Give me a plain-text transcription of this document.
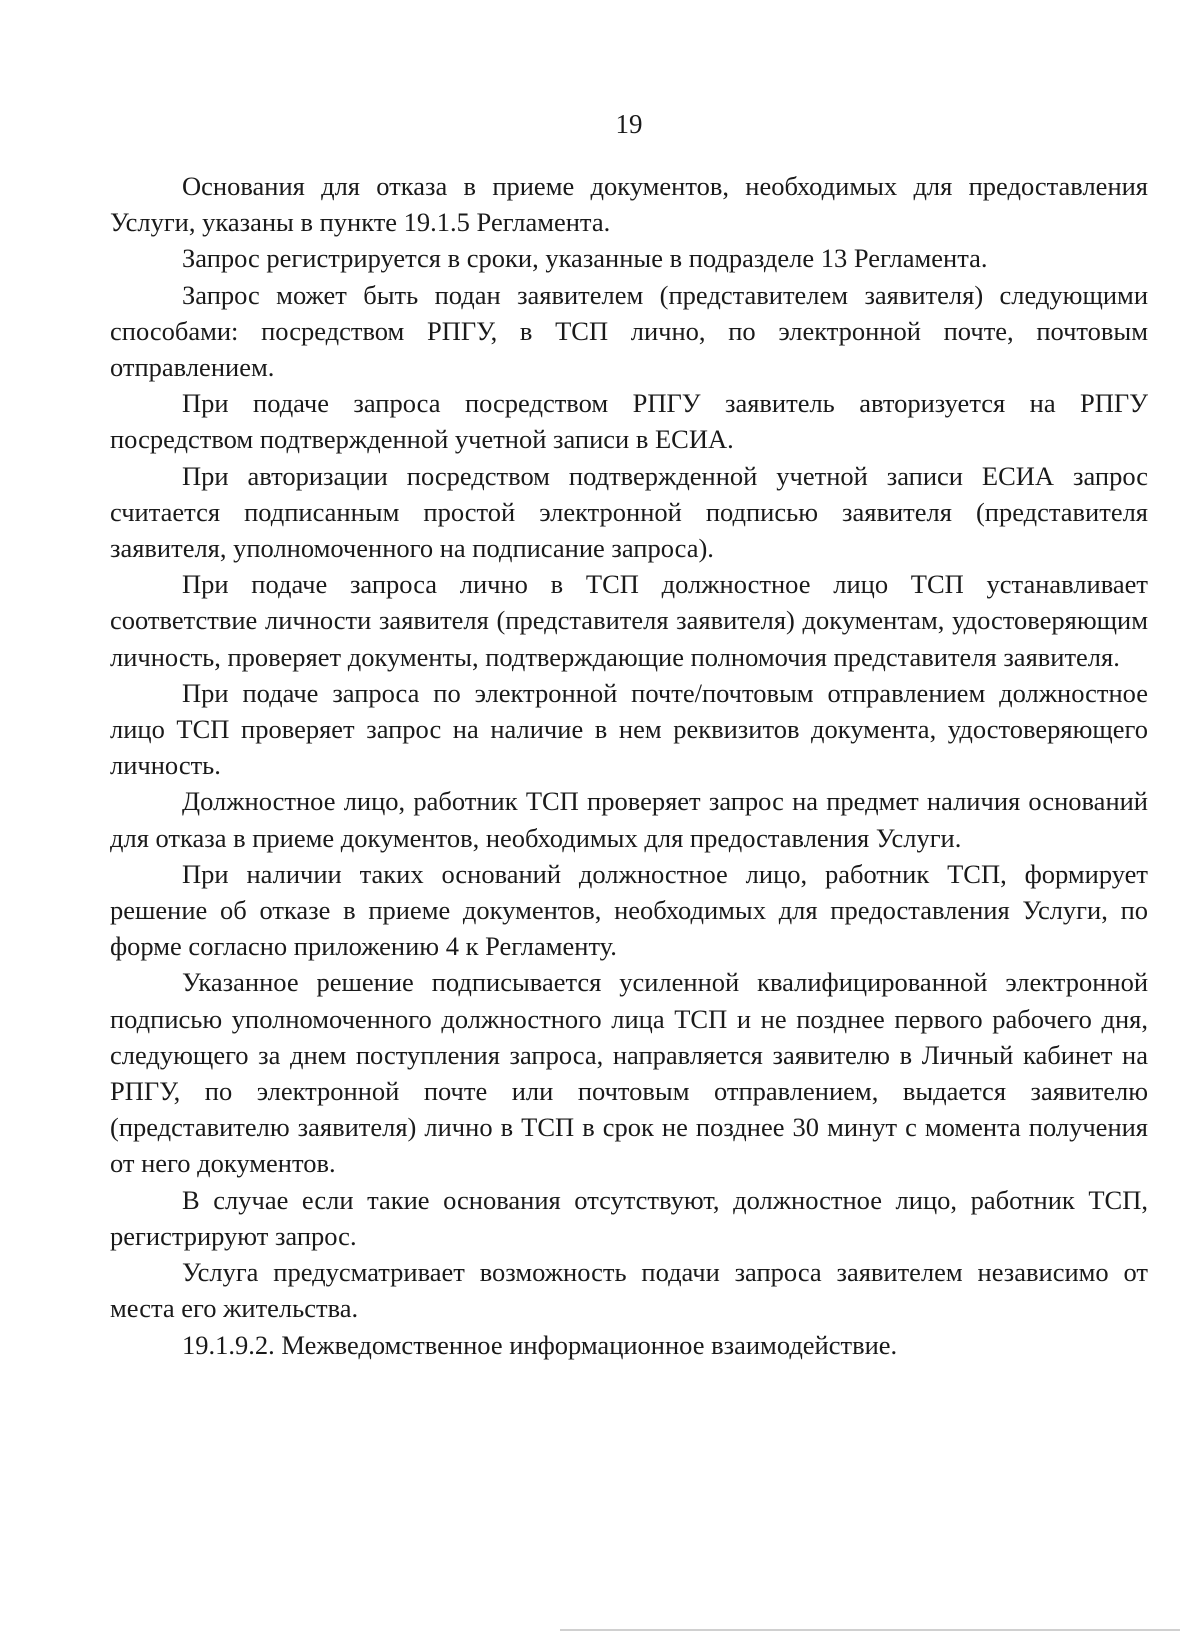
19

Основания для отказа в приеме документов, необходимых для предоставления Услуги, указаны в пункте 19.1.5 Регламента.

Запрос регистрируется в сроки, указанные в подразделе 13 Регламента.

Запрос может быть подан заявителем (представителем заявителя) следующими способами: посредством РПГУ, в ТСП лично, по электронной почте, почтовым отправлением.

При подаче запроса посредством РПГУ заявитель авторизуется на РПГУ посредством подтвержденной учетной записи в ЕСИА.

При авторизации посредством подтвержденной учетной записи ЕСИА запрос считается подписанным простой электронной подписью заявителя (представителя заявителя, уполномоченного на подписание запроса).

При подаче запроса лично в ТСП должностное лицо ТСП устанавливает соответствие личности заявителя (представителя заявителя) документам, удостоверяющим личность, проверяет документы, подтверждающие полномочия представителя заявителя.

При подаче запроса по электронной почте/почтовым отправлением должностное лицо ТСП проверяет запрос на наличие в нем реквизитов документа, удостоверяющего личность.

Должностное лицо, работник ТСП проверяет запрос на предмет наличия оснований для отказа в приеме документов, необходимых для предоставления Услуги.

При наличии таких оснований должностное лицо, работник ТСП, формирует решение об отказе в приеме документов, необходимых для предоставления Услуги, по форме согласно приложению 4 к Регламенту.

Указанное решение подписывается усиленной квалифицированной электронной подписью уполномоченного должностного лица ТСП и не позднее первого рабочего дня, следующего за днем поступления запроса, направляется заявителю в Личный кабинет на РПГУ, по электронной почте или почтовым отправлением, выдается заявителю (представителю заявителя) лично в ТСП в срок не позднее 30 минут с момента получения от него документов.

В случае если такие основания отсутствуют, должностное лицо, работник ТСП, регистрируют запрос.

Услуга предусматривает возможность подачи запроса заявителем независимо от места его жительства.

19.1.9.2. Межведомственное информационное взаимодействие.
